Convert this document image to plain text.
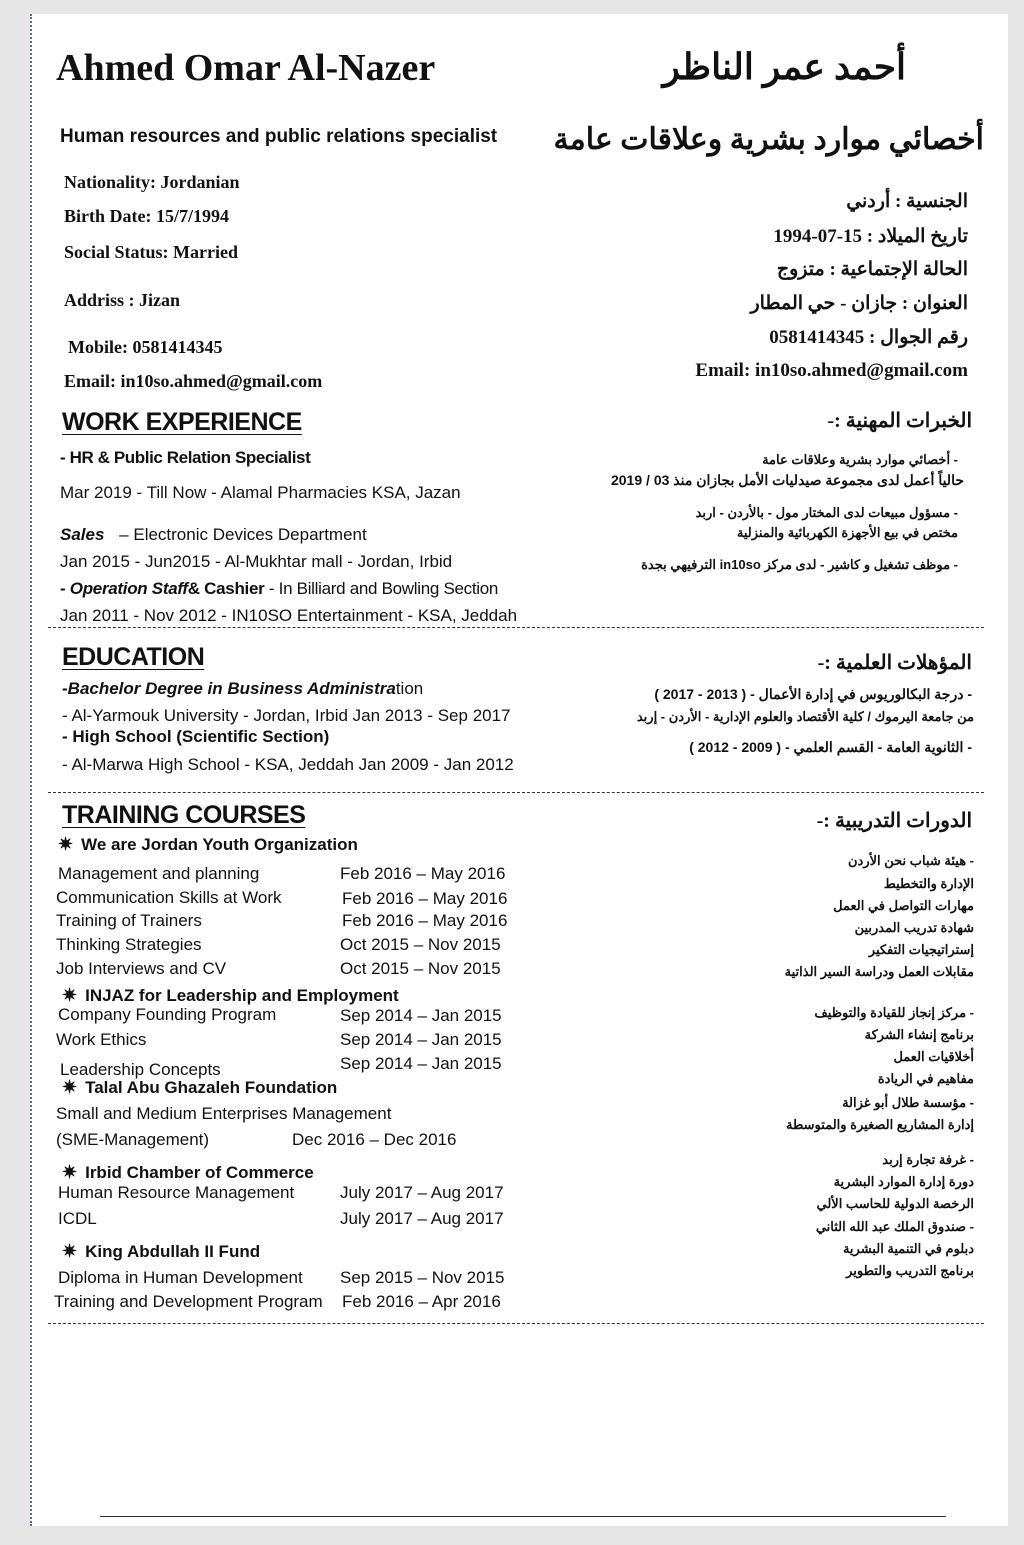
Ahmed Omar Al-Nazer	أحمد عمر الناظر
Human resources and public relations specialist أخصائي موارد بشرية وعلاقات عامة
Nationality: Jordanian
Birth Date: 15/7/1994
Social Status: Married
Addriss : Jizan
Mobile: 0581414345
Email: in10so.ahmed@gmail.com
الجنسية : أردني
تاريخ الميلاد : 15-07-1994
الحالة الإجتماعية : متزوج
العنوان : جازان - حي المطار
رقم الجوال : 0581414345
Email: in10so.ahmed@gmail.com
WORK EXPERIENCE	الخبرات المهنية :-
- HR & Public Relation Specialist
Mar 2019 - Till Now - Alamal Pharmacies KSA, Jazan
Sales – Electronic Devices Department
Jan 2015 - Jun2015 - Al-Mukhtar mall - Jordan, Irbid
- Operation Staff& Cashier - In Billiard and Bowling Section
Jan 2011 - Nov 2012 - IN10SO Entertainment - KSA, Jeddah
- أخصائي موارد بشرية وعلاقات عامة
حالياً أعمل لدى مجموعة صيدليات الأمل بجازان منذ 03 / 2019
- مسؤول مبيعات لدى المختار مول - بالأردن - اربد
مختص في بيع الأجهزة الكهربائية والمنزلية
- موظف تشغيل و كاشير - لدى مركز in10so الترفيهي بجدة
EDUCATION	المؤهلات العلمية :-
-Bachelor Degree in Business Administration
- Al-Yarmouk University - Jordan, Irbid Jan 2013 - Sep 2017
- High School (Scientific Section)
- Al-Marwa High School - KSA, Jeddah Jan 2009 - Jan 2012
- درجة البكالوريوس في إدارة الأعمال - ( 2013 - 2017 )
من جامعة اليرموك / كلية الأقتصاد والعلوم الإدارية - الأردن - إربد
- الثانوية العامة - القسم العلمي - ( 2009 - 2012 )
TRAINING COURSES	الدورات التدريبية :-
✷ We are Jordan Youth Organization
Management and planning	Feb 2016 – May 2016
Communication Skills at Work	Feb 2016 – May 2016
Training of Trainers	Feb 2016 – May 2016
Thinking Strategies	Oct 2015 – Nov 2015
Job Interviews and CV	Oct 2015 – Nov 2015
✷ INJAZ for Leadership and Employment
Company Founding Program	Sep 2014 – Jan 2015
Work Ethics	Sep 2014 – Jan 2015
Leadership Concepts	Sep 2014 – Jan 2015
✷ Talal Abu Ghazaleh Foundation
Small and Medium Enterprises Management
(SME-Management)	Dec 2016 – Dec 2016
✷ Irbid Chamber of Commerce
Human Resource Management	July 2017 – Aug 2017
ICDL	July 2017 – Aug 2017
✷ King Abdullah II Fund
Diploma in Human Development Sep 2015 – Nov 2015
Training and Development Program Feb 2016 – Apr 2016
- هيئة شباب نحن الأردن
الإدارة والتخطيط
مهارات التواصل في العمل
شهادة تدريب المدربين
إستراتيجيات التفكير
مقابلات العمل ودراسة السير الذاتية
- مركز إنجاز للقيادة والتوظيف
برنامج إنشاء الشركة
أخلاقيات العمل
مفاهيم في الريادة
- مؤسسة طلال أبو غزالة
إدارة المشاريع الصغيرة والمتوسطة
- غرفة تجارة إربد
دورة إدارة الموارد البشرية
الرخصة الدولية للحاسب الألي
- صندوق الملك عبد الله الثاني
دبلوم في التنمية البشرية
برنامج التدريب والتطوير
